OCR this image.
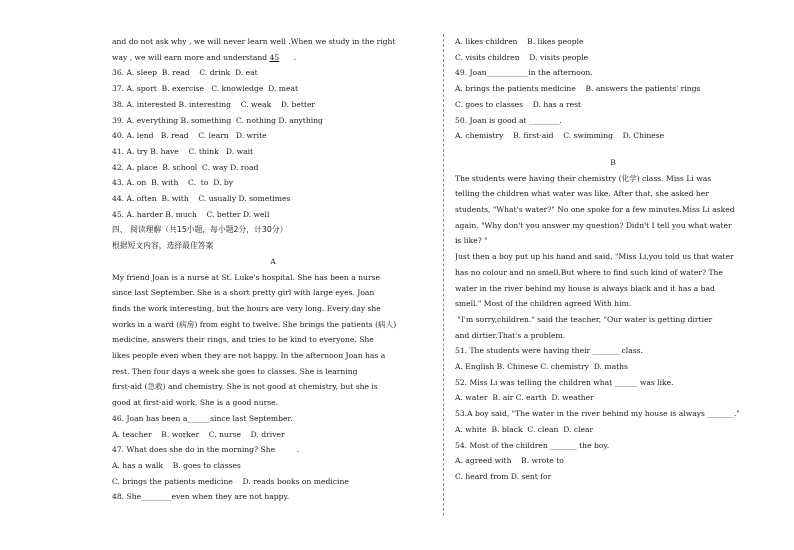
and do not ask why , we will never learn well .When we study in the right
way , we will earn more and understand 45      .
36. A. sleep  B. read    C. drink  D. eat
37. A. sport  B. exercise   C. knowledge  D. meat
38. A. interested B. interesting    C. weak    D. better
39. A. everything B. something  C. nothing D. anything
40. A. lend   B. read    C. learn   D. write
41. A. try B. have    C. think   D. wait
42. A. place  B. school  C. way D. road
43. A. on  B. with    C.  to  D. by
44. A. often  B. with    C. usually D. sometimes
45. A. harder B. much    C. better D. well
四、 阅读理解（共15小题，每小题2分，计30分）
根据短文内容，选择最佳答案
A
My friend Joan is a nurse at St. Luke's hospital. She has been a nurse
since last September. She is a short pretty girl with large eyes. Joan
finds the work interesting, but the hours are very long. Every day she
works in a ward (病房) from eight to twelve. She brings the patients (病人)
medicine, answers their rings, and tries to be kind to everyone. She
likes people even when they are not happy. In the afternoon Joan has a
rest. Then four days a week she goes to classes. She is learning
first-aid (急救) and chemistry. She is not good at chemistry, but she is
good at first-aid work. She is a good nurse.
46. Joan has been a______since last September.
A. teacher    B. worker    C. nurse    D. driver
47. What does she do in the morning? She         .
A. has a walk    B. goes to classes
C. brings the patients medicine    D. reads books on medicine
48. She________even when they are not happy.
A. likes children    B. likes people
C. visits children    D. visits people
49. Joan___________in the afternoon.
A. brings the patients medicine    B. answers the patients' rings
C. goes to classes    D. has a rest
50. Joan is good at ________.
A. chemistry    B. first-aid    C. swimming    D. Chinese
B
The students were having their chemistry (化学) class. Miss Li was
telling the children what water was like. After that, she asked her
students, "What's water?" No one spoke for a few minutes.Miss Li asked
again, "Why don't you answer my question? Didn't I tell you what water
is like? "
Just then a boy put up his hand and said, "Miss Li,you told us that water
has no colour and no smell.But where to find such kind of water? The
water in the river behind my house is always black and it has a bad
smell." Most of the children agreed With him.
"I'm sorry,children." said the teacher, "Our water is getting dirtier
and dirtier.That's a problem.
51. The students were having their _______ class.
A. English B. Chinese C. chemistry  D. maths
52. Miss Li was telling the children what ______ was like.
A. water  B. air C. earth  D. weather
53.A boy said, "The water in the river behind my house is always _______."
A. white  B. black  C. clean  D. clear
54. Most of the children _______ the boy.
A. agreed with    B. wrote to
C. heard from D. sent for
